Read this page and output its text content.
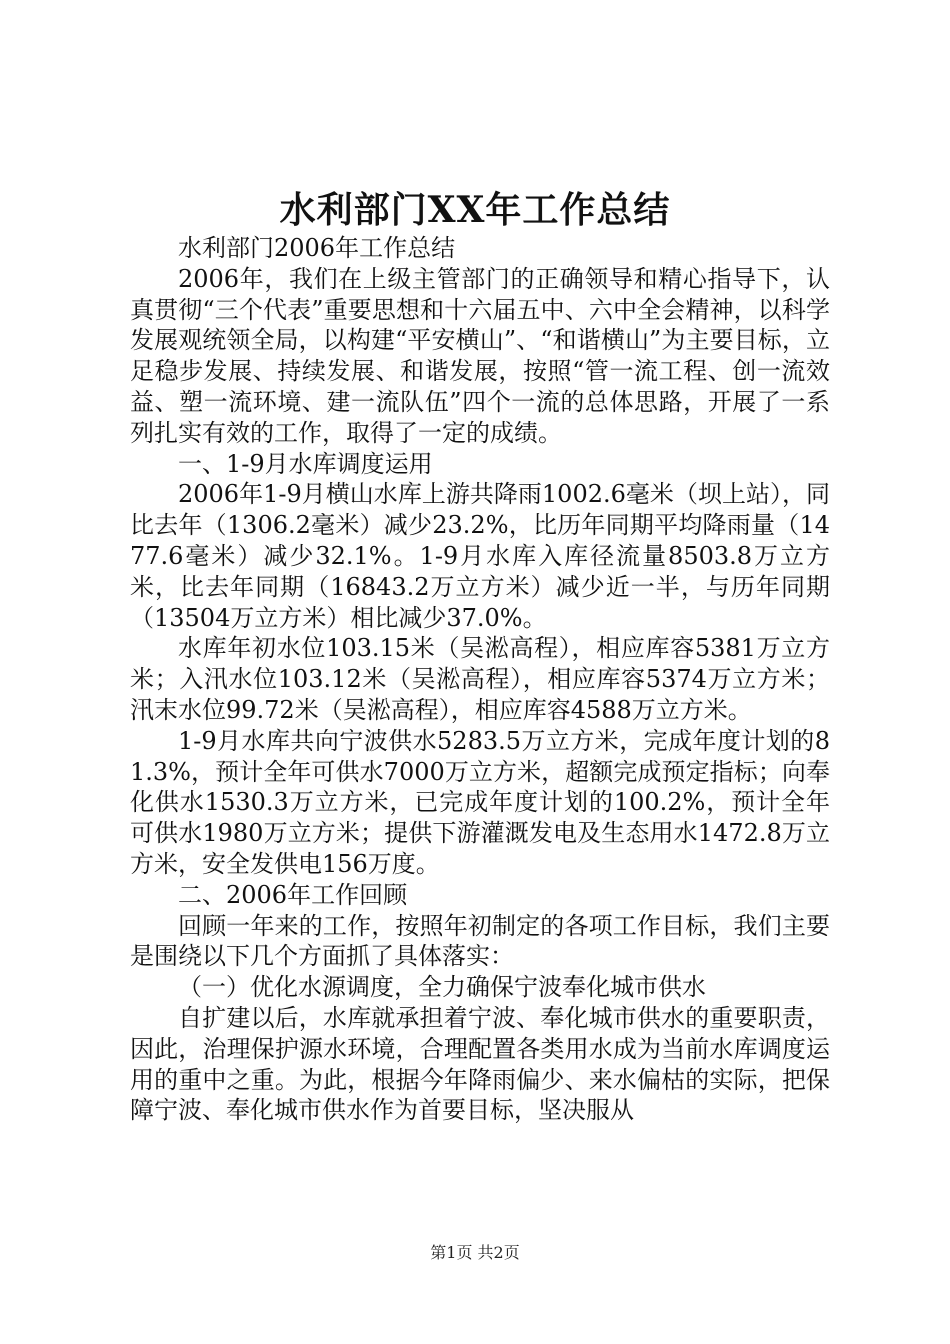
水利部门XX年工作总结

水利部门2006年工作总结

2006年，我们在上级主管部门的正确领导和精心指导下，认真贯彻“三个代表”重要思想和十六届五中、六中全会精神，以科学发展观统领全局，以构建“平安横山”、“和谐横山”为主要目标，立足稳步发展、持续发展、和谐发展，按照“管一流工程、创一流效益、塑一流环境、建一流队伍”四个一流的总体思路，开展了一系列扎实有效的工作，取得了一定的成绩。

一、1-9月水库调度运用

2006年1-9月横山水库上游共降雨1002.6毫米（坝上站），同比去年（1306.2毫米）减少23.2%，比历年同期平均降雨量（1477.6毫米）减少32.1%。1-9月水库入库径流量8503.8万立方米，比去年同期（16843.2万立方米）减少近一半，与历年同期（13504万立方米）相比减少37.0%。

水库年初水位103.15米（吴淞高程），相应库容5381万立方米；入汛水位103.12米（吴淞高程），相应库容5374万立方米；汛末水位99.72米（吴淞高程），相应库容4588万立方米。

1-9月水库共向宁波供水5283.5万立方米，完成年度计划的81.3%，预计全年可供水7000万立方米，超额完成预定指标；向奉化供水1530.3万立方米，已完成年度计划的100.2%，预计全年可供水1980万立方米；提供下游灌溉发电及生态用水1472.8万立方米，安全发供电156万度。

二、2006年工作回顾

回顾一年来的工作，按照年初制定的各项工作目标，我们主要是围绕以下几个方面抓了具体落实：

（一）优化水源调度，全力确保宁波奉化城市供水

自扩建以后，水库就承担着宁波、奉化城市供水的重要职责，因此，治理保护源水环境，合理配置各类用水成为当前水库调度运用的重中之重。为此，根据今年降雨偏少、来水偏枯的实际，把保障宁波、奉化城市供水作为首要目标，坚决服从

第1页 共2页
